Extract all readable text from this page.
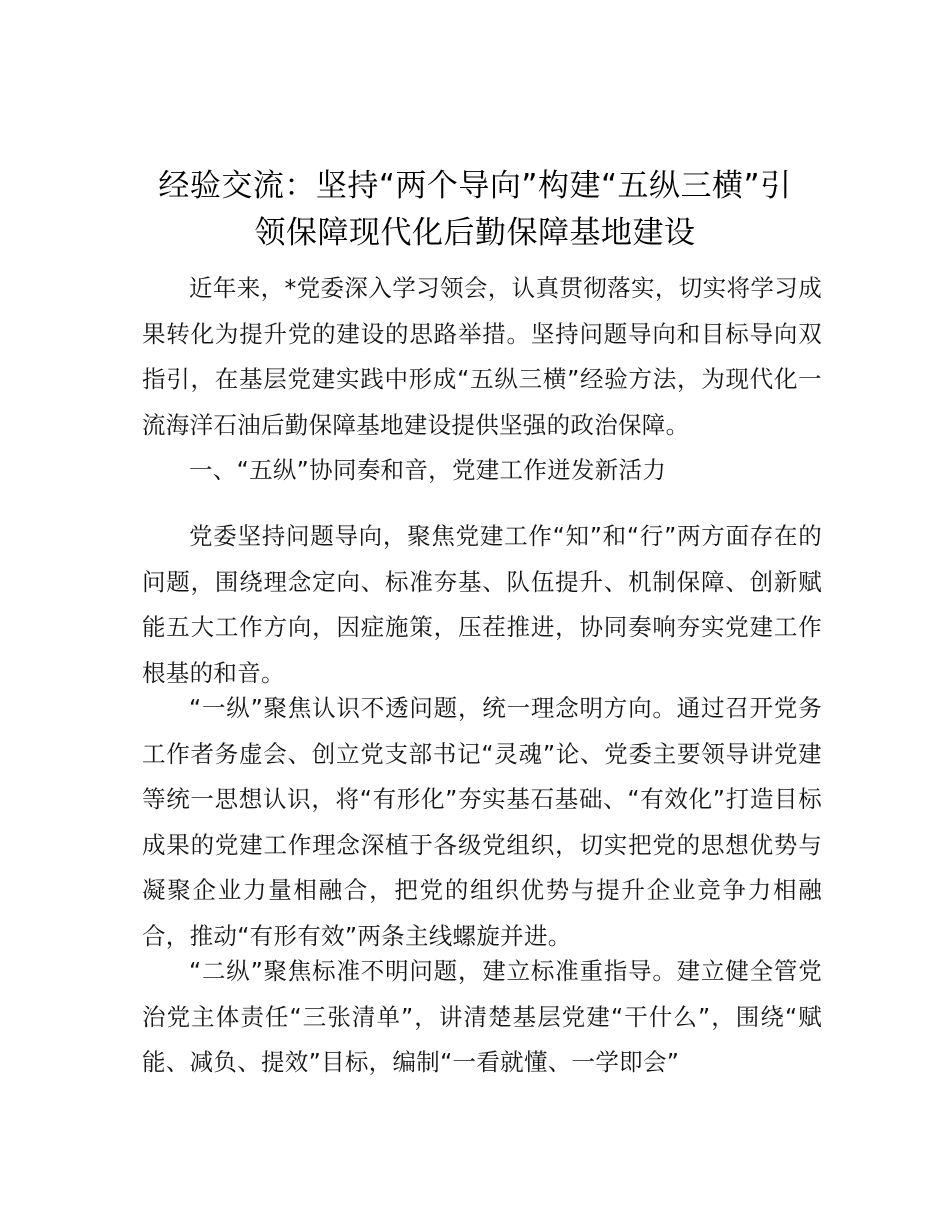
经验交流：坚持“两个导向”构建“五纵三横”引
领保障现代化后勤保障基地建设

近年来，*党委深入学习领会，认真贯彻落实，切实将学习成果转化为提升党的建设的思路举措。坚持问题导向和目标导向双指引，在基层党建实践中形成“五纵三横”经验方法，为现代化一流海洋石油后勤保障基地建设提供坚强的政治保障。

一、“五纵”协同奏和音，党建工作迸发新活力

党委坚持问题导向，聚焦党建工作“知”和“行”两方面存在的问题，围绕理念定向、标准夯基、队伍提升、机制保障、创新赋能五大工作方向，因症施策，压茬推进，协同奏响夯实党建工作根基的和音。

“一纵”聚焦认识不透问题，统一理念明方向。通过召开党务工作者务虚会、创立党支部书记“灵魂”论、党委主要领导讲党建等统一思想认识，将“有形化”夯实基石基础、“有效化”打造目标成果的党建工作理念深植于各级党组织，切实把党的思想优势与凝聚企业力量相融合，把党的组织优势与提升企业竞争力相融合，推动“有形有效”两条主线螺旋并进。

“二纵”聚焦标准不明问题，建立标准重指导。建立健全管党治党主体责任“三张清单”，讲清楚基层党建“干什么”，围绕“赋能、减负、提效”目标，编制“一看就懂、一学即会”
